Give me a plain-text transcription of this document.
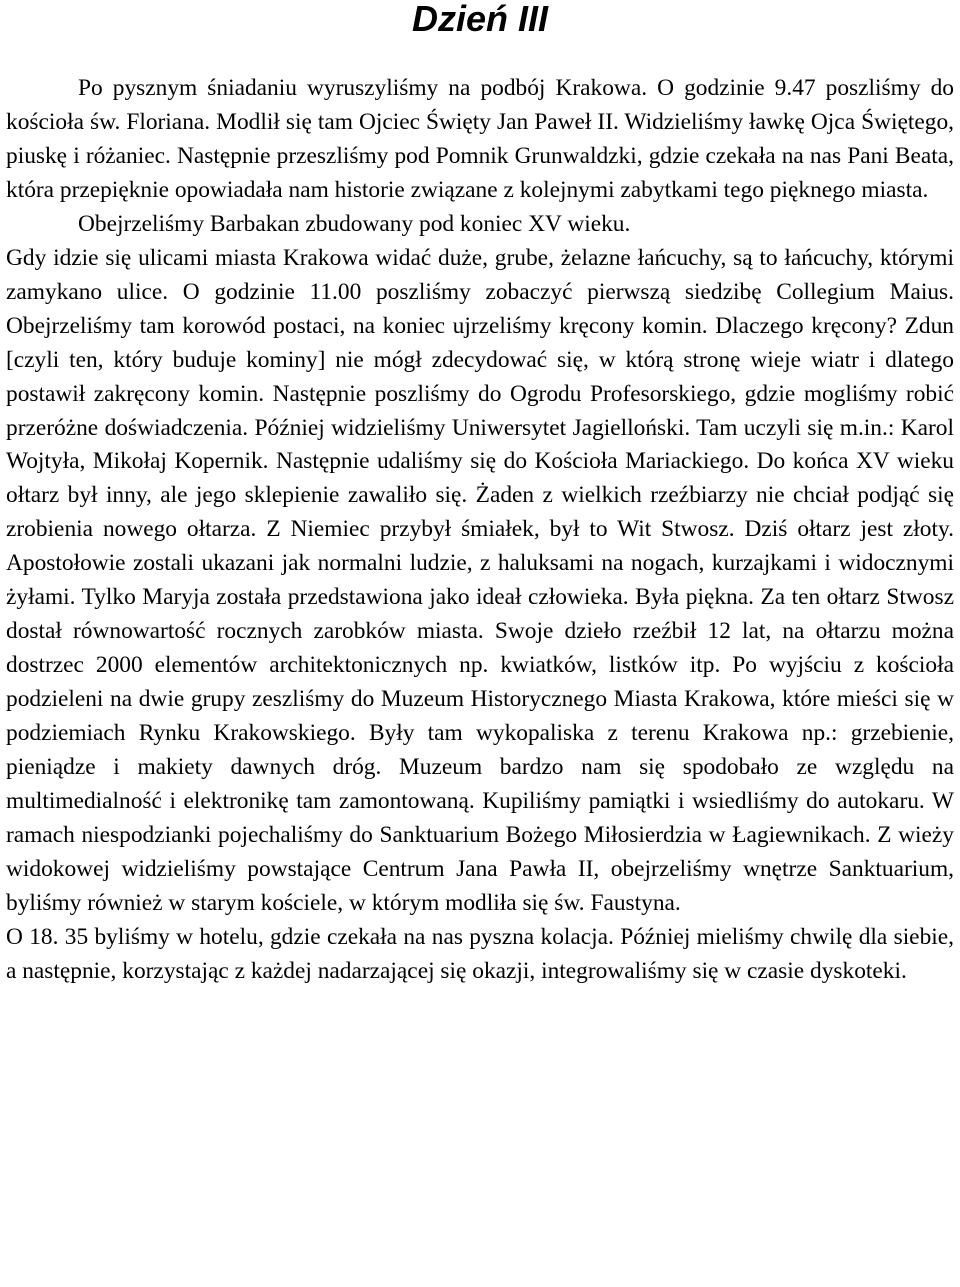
Dzień III

Po pysznym śniadaniu wyruszyliśmy na podbój Krakowa. O godzinie 9.47 poszliśmy do kościoła św. Floriana. Modlił się tam Ojciec Święty Jan Paweł II. Widzieliśmy ławkę Ojca Świętego, piuskę i różaniec. Następnie przeszliśmy pod Pomnik Grunwaldzki, gdzie czekała na nas Pani Beata, która przepięknie opowiadała nam historie związane z kolejnymi zabytkami tego pięknego miasta.

Obejrzeliśmy Barbakan zbudowany pod koniec XV wieku.

Gdy idzie się ulicami miasta Krakowa widać duże, grube, żelazne łańcuchy, są to łańcuchy, którymi zamykano ulice. O godzinie 11.00 poszliśmy zobaczyć pierwszą siedzibę Collegium Maius. Obejrzeliśmy tam korowód postaci, na koniec ujrzeliśmy kręcony komin. Dlaczego kręcony? Zdun [czyli ten, który buduje kominy] nie mógł zdecydować się, w którą stronę wieje wiatr i dlatego postawił zakręcony komin. Następnie poszliśmy do Ogrodu Profesorskiego, gdzie mogliśmy robić przeróżne doświadczenia. Później widzieliśmy Uniwersytet Jagielloński. Tam uczyli się m.in.: Karol Wojtyła, Mikołaj Kopernik. Następnie udaliśmy się do Kościoła Mariackiego. Do końca XV wieku ołtarz był inny, ale jego sklepienie zawaliło się. Żaden z wielkich rzeźbiarzy nie chciał podjąć się zrobienia nowego ołtarza. Z Niemiec przybył śmiałek, był to Wit Stwosz. Dziś ołtarz jest złoty. Apostołowie zostali ukazani jak normalni ludzie, z haluksami na nogach, kurzajkami i widocznymi żyłami. Tylko Maryja została przedstawiona jako ideał człowieka. Była piękna. Za ten ołtarz Stwosz dostał równowartość rocznych zarobków miasta. Swoje dzieło rzeźbił 12 lat, na ołtarzu można dostrzec 2000 elementów architektonicznych np. kwiatków, listków itp. Po wyjściu z kościoła podzieleni na dwie grupy zeszliśmy do Muzeum Historycznego Miasta Krakowa, które mieści się w podziemiach Rynku Krakowskiego. Były tam wykopaliska z terenu Krakowa np.: grzebienie, pieniądze i makiety dawnych dróg. Muzeum bardzo nam się spodobało ze względu na multimedialność i elektronikę tam zamontowaną. Kupiliśmy pamiątki i wsiedliśmy do autokaru. W ramach niespodzianki pojechaliśmy do Sanktuarium Bożego Miłosierdzia w Łagiewnikach. Z wieży widokowej widzieliśmy powstające Centrum Jana Pawła II, obejrzeliśmy wnętrze Sanktuarium, byliśmy również w starym kościele, w którym modliła się św. Faustyna.

O 18. 35 byliśmy w hotelu, gdzie czekała na nas pyszna kolacja. Później mieliśmy chwilę dla siebie, a następnie, korzystając z każdej nadarzającej się okazji, integrowaliśmy się w czasie dyskoteki.
